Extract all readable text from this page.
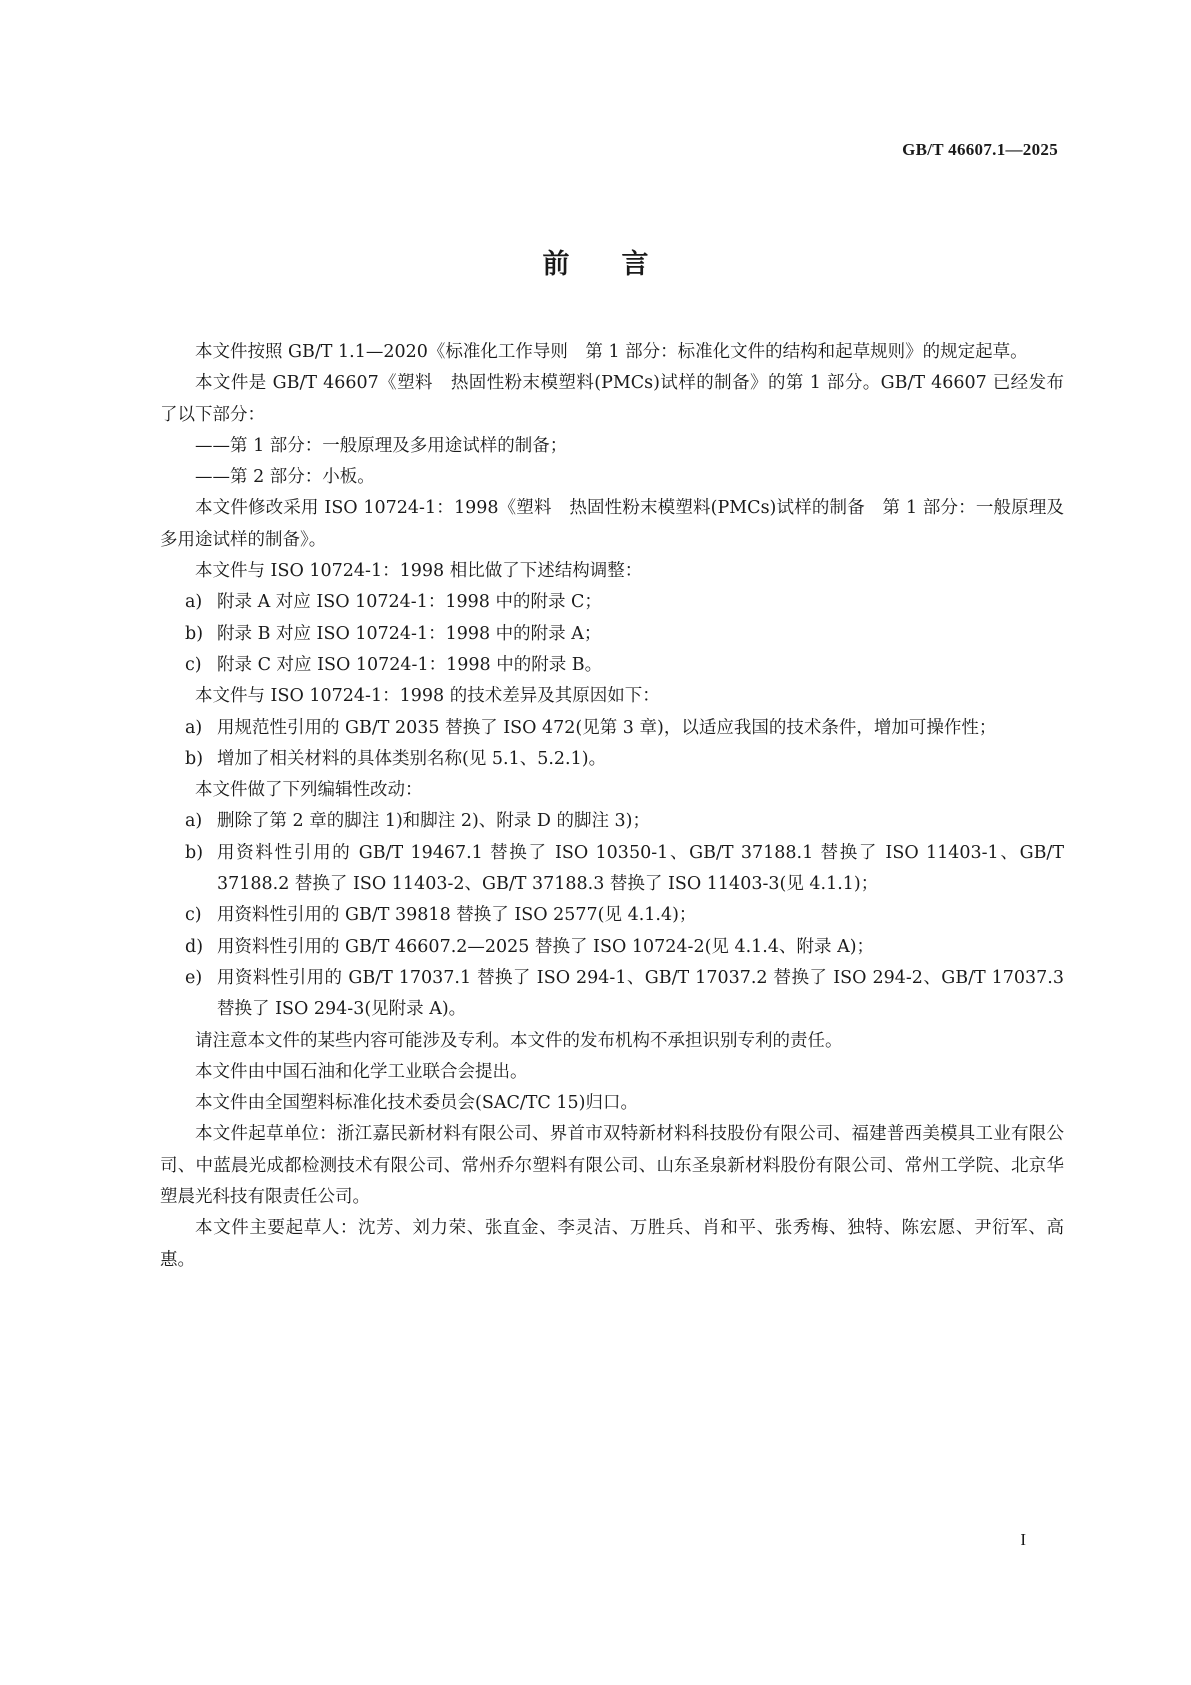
GB/T 46607.1—2025
前言

本文件按照 GB/T 1.1—2020《标准化工作导则　第 1 部分：标准化文件的结构和起草规则》的规定起草。

本文件是 GB/T 46607《塑料　热固性粉末模塑料(PMCs)试样的制备》的第 1 部分。GB/T 46607 已经发布了以下部分：

——第 1 部分：一般原理及多用途试样的制备；

——第 2 部分：小板。

本文件修改采用 ISO 10724-1：1998《塑料　热固性粉末模塑料(PMCs)试样的制备　第 1 部分：一般原理及多用途试样的制备》。

本文件与 ISO 10724-1：1998 相比做了下述结构调整：

a) 附录 A 对应 ISO 10724-1：1998 中的附录 C；

b) 附录 B 对应 ISO 10724-1：1998 中的附录 A；

c) 附录 C 对应 ISO 10724-1：1998 中的附录 B。

本文件与 ISO 10724-1：1998 的技术差异及其原因如下：

a) 用规范性引用的 GB/T 2035 替换了 ISO 472(见第 3 章)，以适应我国的技术条件，增加可操作性；

b) 增加了相关材料的具体类别名称(见 5.1、5.2.1)。

本文件做了下列编辑性改动：

a) 删除了第 2 章的脚注 1)和脚注 2)、附录 D 的脚注 3)；

b) 用资料性引用的 GB/T 19467.1 替换了 ISO 10350-1、GB/T 37188.1 替换了 ISO 11403-1、GB/T 37188.2 替换了 ISO 11403-2、GB/T 37188.3 替换了 ISO 11403-3(见 4.1.1)；

c) 用资料性引用的 GB/T 39818 替换了 ISO 2577(见 4.1.4)；

d) 用资料性引用的 GB/T 46607.2—2025 替换了 ISO 10724-2(见 4.1.4、附录 A)；

e) 用资料性引用的 GB/T 17037.1 替换了 ISO 294-1、GB/T 17037.2 替换了 ISO 294-2、GB/T 17037.3 替换了 ISO 294-3(见附录 A)。

请注意本文件的某些内容可能涉及专利。本文件的发布机构不承担识别专利的责任。

本文件由中国石油和化学工业联合会提出。

本文件由全国塑料标准化技术委员会(SAC/TC 15)归口。

本文件起草单位：浙江嘉民新材料有限公司、界首市双特新材料科技股份有限公司、福建普西美模具工业有限公司、中蓝晨光成都检测技术有限公司、常州乔尔塑料有限公司、山东圣泉新材料股份有限公司、常州工学院、北京华塑晨光科技有限责任公司。

本文件主要起草人：沈芳、刘力荣、张直金、李灵洁、万胜兵、肖和平、张秀梅、独特、陈宏愿、尹衍军、高惠。

I
